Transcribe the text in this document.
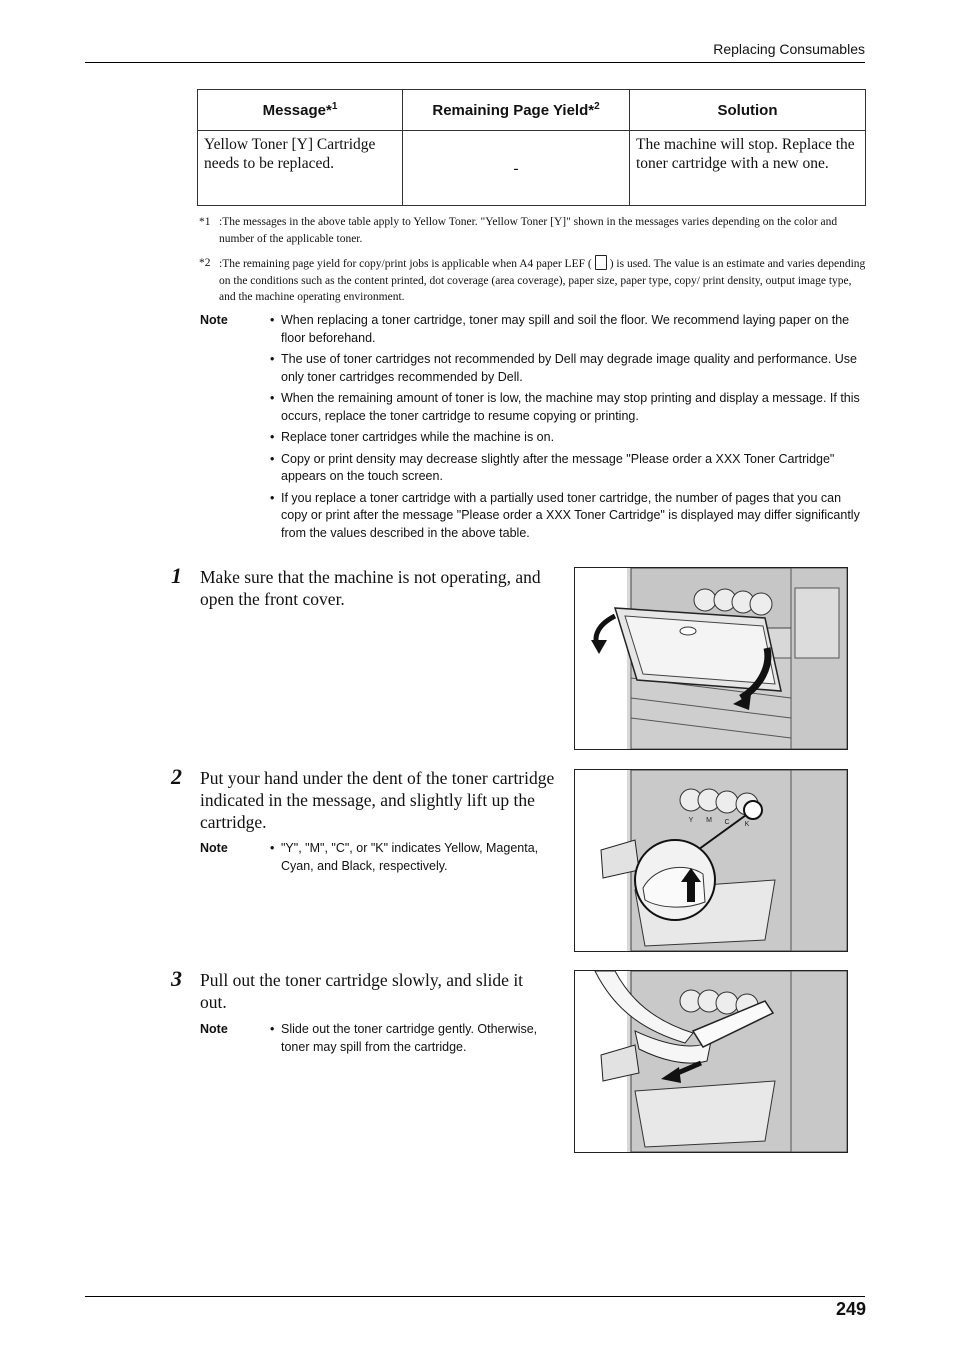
Replacing Consumables
Message*$^1$	Remaining Page Yield*$^2$	Solution
Yellow Toner [Y] Cartridge needs to be replaced.	-	The machine will stop. Replace the toner cartridge with a new one.
*1 :The messages in the above table apply to Yellow Toner. "Yellow Toner [Y]" shown in the messages varies depending on the color and number of the applicable toner.
*2 :The remaining page yield for copy/print jobs is applicable when A4 paper LEF ( ) is used. The value is an estimate and varies depending on the conditions such as the content printed, dot coverage (area coverage), paper size, paper type, copy/ print density, output image type, and the machine operating environment.
Note	• When replacing a toner cartridge, toner may spill and soil the floor. We recommend laying paper on the floor beforehand.
• The use of toner cartridges not recommended by Dell may degrade image quality and performance. Use only toner cartridges recommended by Dell.
• When the remaining amount of toner is low, the machine may stop printing and display a message. If this occurs, replace the toner cartridge to resume copying or printing.
• Replace toner cartridges while the machine is on.
• Copy or print density may decrease slightly after the message "Please order a XXX Toner Cartridge" appears on the touch screen.
• If you replace a toner cartridge with a partially used toner cartridge, the number of pages that you can copy or print after the message "Please order a XXX Toner Cartridge" is displayed may differ significantly from the values described in the above table.
1 Make sure that the machine is not operating, and open the front cover.
2 Put your hand under the dent of the toner cartridge indicated in the message, and slightly lift up the cartridge.
Note	• "Y", "M", "C", or "K" indicates Yellow, Magenta, Cyan, and Black, respectively.
Y M C K
3 Pull out the toner cartridge slowly, and slide it out.
Note	• Slide out the toner cartridge gently. Otherwise, toner may spill from the cartridge.
249
